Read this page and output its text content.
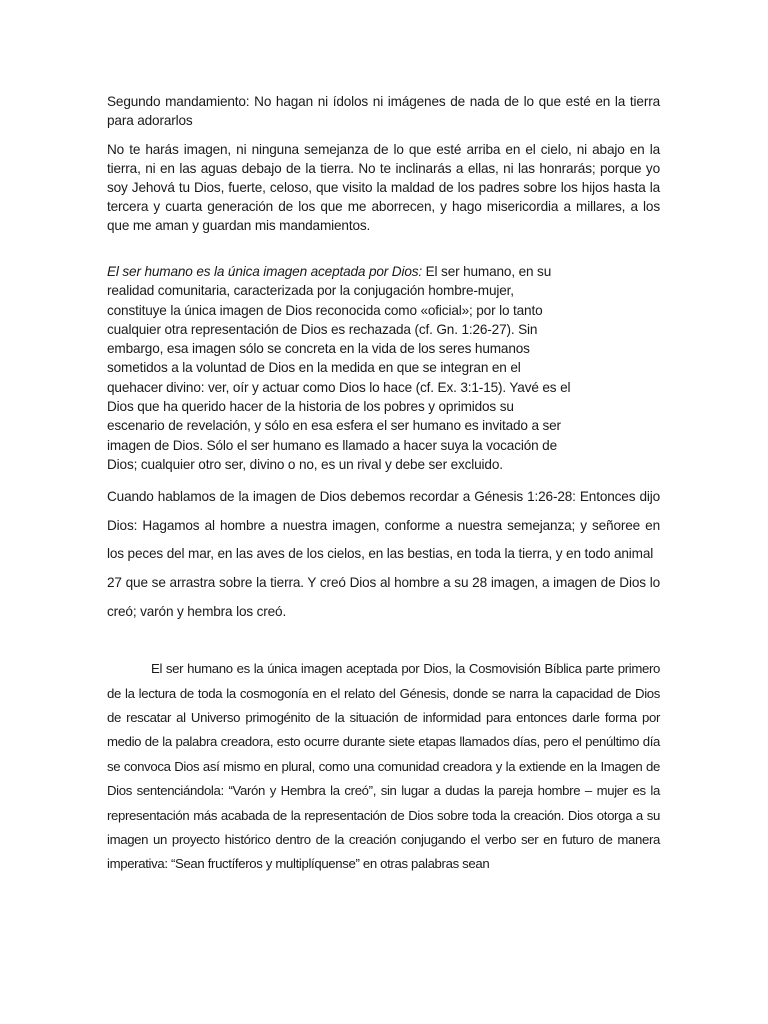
Segundo mandamiento: No hagan ni ídolos ni imágenes de nada de lo que esté en la tierra para adorarlos

No te harás imagen, ni ninguna semejanza de lo que esté arriba en el cielo, ni abajo en la tierra, ni en las aguas debajo de la tierra. No te inclinarás a ellas, ni las honrarás; porque yo soy Jehová tu Dios, fuerte, celoso, que visito la maldad de los padres sobre los hijos hasta la tercera y cuarta generación de los que me aborrecen, y hago misericordia a millares, a los que me aman y guardan mis mandamientos.

El ser humano es la única imagen aceptada por Dios: El ser humano, en su realidad comunitaria, caracterizada por la conjugación hombre-mujer, constituye la única imagen de Dios reconocida como «oficial»; por lo tanto cualquier otra representación de Dios es rechazada (cf. Gn. 1:26-27). Sin embargo, esa imagen sólo se concreta en la vida de los seres humanos sometidos a la voluntad de Dios en la medida en que se integran en el quehacer divino: ver, oír y actuar como Dios lo hace (cf. Ex. 3:1-15). Yavé es el Dios que ha querido hacer de la historia de los pobres y oprimidos su escenario de revelación, y sólo en esa esfera el ser humano es invitado a ser imagen de Dios. Sólo el ser humano es llamado a hacer suya la vocación de Dios; cualquier otro ser, divino o no, es un rival y debe ser excluido.

Cuando hablamos de la imagen de Dios debemos recordar a Génesis 1:26-28: Entonces dijo Dios: Hagamos al hombre a nuestra imagen, conforme a nuestra semejanza; y señoree en los peces del mar, en las aves de los cielos, en las bestias, en toda la tierra, y en todo animal

27 que se arrastra sobre la tierra. Y creó Dios al hombre a su 28 imagen, a imagen de Dios lo creó; varón y hembra los creó.

El ser humano es la única imagen aceptada por Dios, la Cosmovisión Bíblica parte primero de la lectura de toda la cosmogonía en el relato del Génesis, donde se narra la capacidad de Dios de rescatar al Universo primogénito de la situación de informidad para entonces darle forma por medio de la palabra creadora, esto ocurre durante siete etapas llamados días, pero el penúltimo día se convoca Dios así mismo en plural, como una comunidad creadora y la extiende en la Imagen de Dios sentenciándola: “Varón y Hembra la creó”, sin lugar a dudas la pareja hombre – mujer es la representación más acabada de la representación de Dios sobre toda la creación. Dios otorga a su imagen un proyecto histórico dentro de la creación conjugando el verbo ser en futuro de manera imperativa: “Sean fructíferos y multiplíquense” en otras palabras sean
